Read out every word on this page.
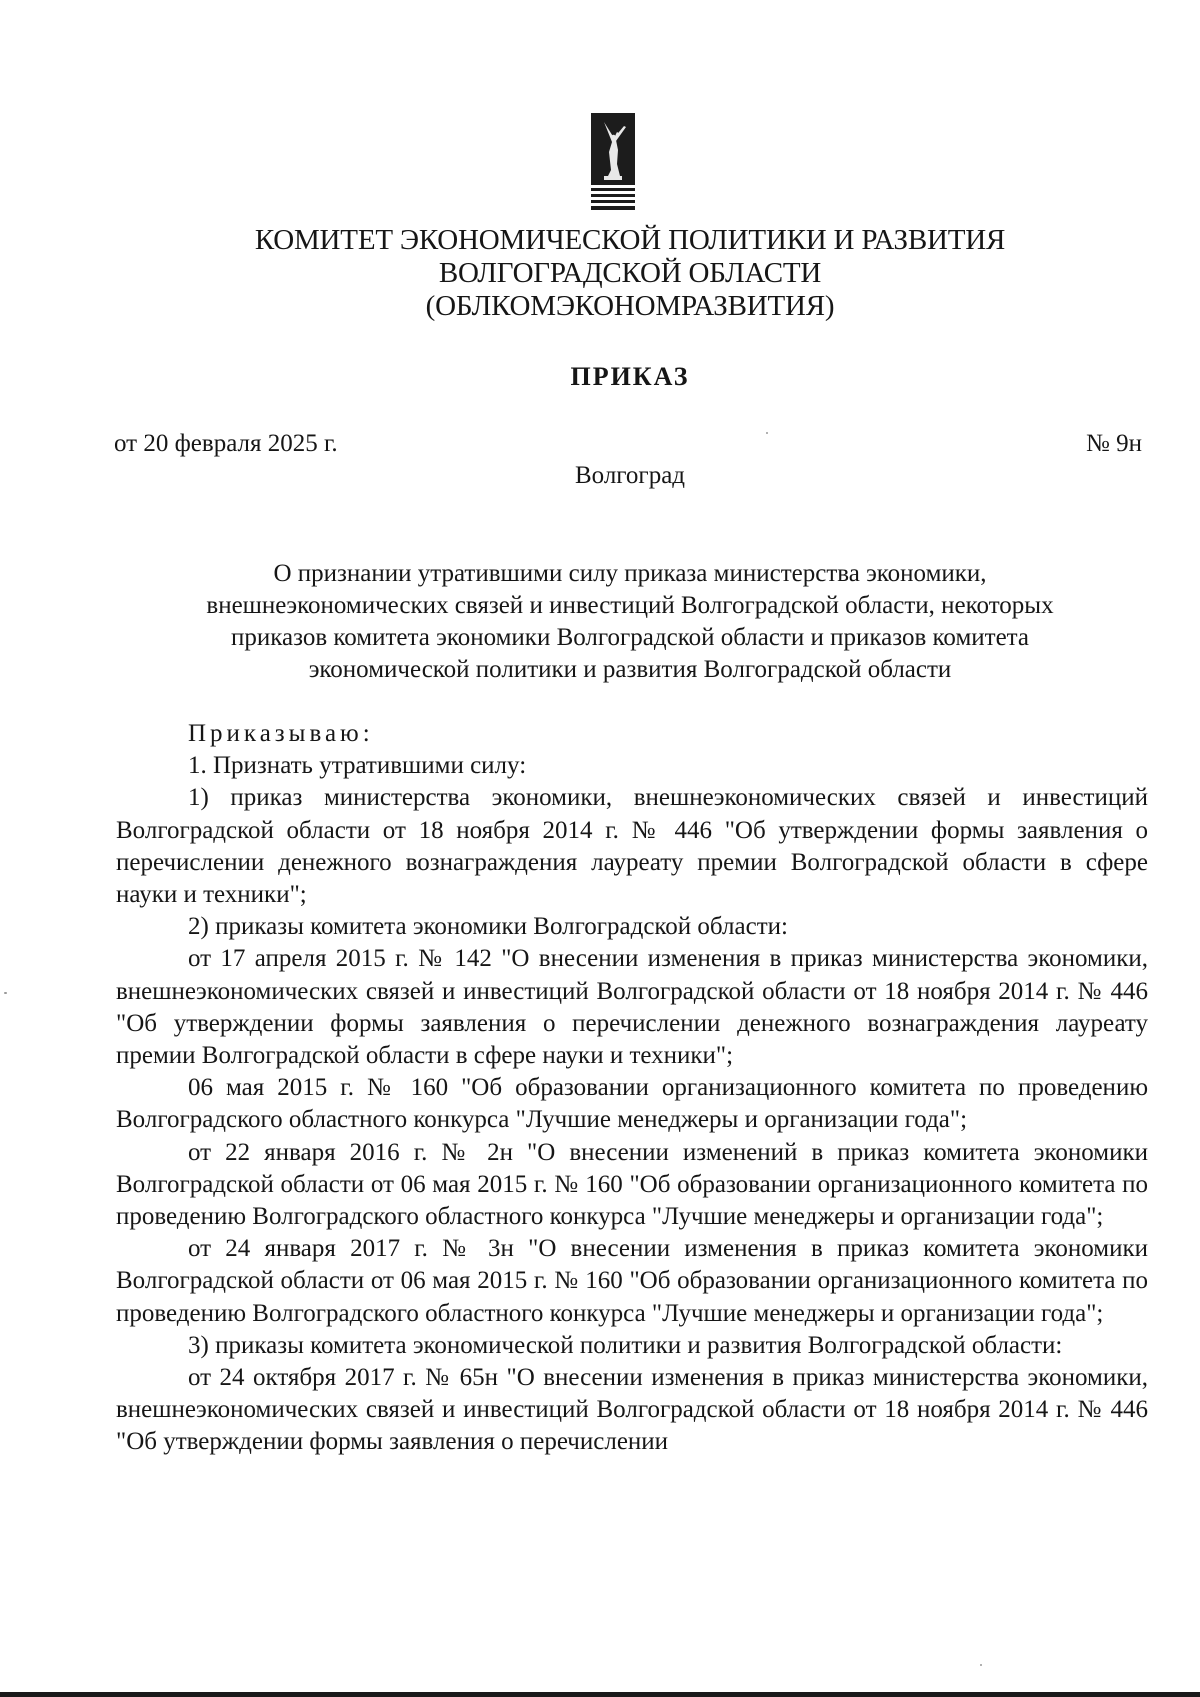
КОМИТЕТ ЭКОНОМИЧЕСКОЙ ПОЛИТИКИ И РАЗВИТИЯ
ВОЛГОГРАДСКОЙ ОБЛАСТИ
(ОБЛКОМЭКОНОМРАЗВИТИЯ)
ПРИКАЗ
от 20 февраля 2025 г.	№ 9н
Волгоград
О признании утратившими силу приказа министерства экономики,
внешнеэкономических связей и инвестиций Волгоградской области, некоторых
приказов комитета экономики Волгоградской области и приказов комитета
экономической политики и развития Волгоградской области

Приказываю:

1. Признать утратившими силу:

1) приказ министерства экономики, внешнеэкономических связей и инвестиций Волгоградской области от 18 ноября 2014 г. № 446 "Об утверждении формы заявления о перечислении денежного вознаграждения лауреату премии Волгоградской области в сфере науки и техники";

2) приказы комитета экономики Волгоградской области:

от 17 апреля 2015 г. № 142 "О внесении изменения в приказ министерства экономики, внешнеэкономических связей и инвестиций Волгоградской области от 18 ноября 2014 г. № 446 "Об утверждении формы заявления о перечислении денежного вознаграждения лауреату премии Волгоградской области в сфере науки и техники";

06 мая 2015 г. № 160 "Об образовании организационного комитета по проведению Волгоградского областного конкурса "Лучшие менеджеры и организации года";

от 22 января 2016 г. № 2н "О внесении изменений в приказ комитета экономики Волгоградской области от 06 мая 2015 г. № 160 "Об образовании организационного комитета по проведению Волгоградского областного конкурса "Лучшие менеджеры и организации года";

от 24 января 2017 г. № 3н "О внесении изменения в приказ комитета экономики Волгоградской области от 06 мая 2015 г. № 160 "Об образовании организационного комитета по проведению Волгоградского областного конкурса "Лучшие менеджеры и организации года";

3) приказы комитета экономической политики и развития Волгоградской области:

от 24 октября 2017 г. № 65н "О внесении изменения в приказ министерства экономики, внешнеэкономических связей и инвестиций Волгоградской области от 18 ноября 2014 г. № 446 "Об утверждении формы заявления о перечислении
